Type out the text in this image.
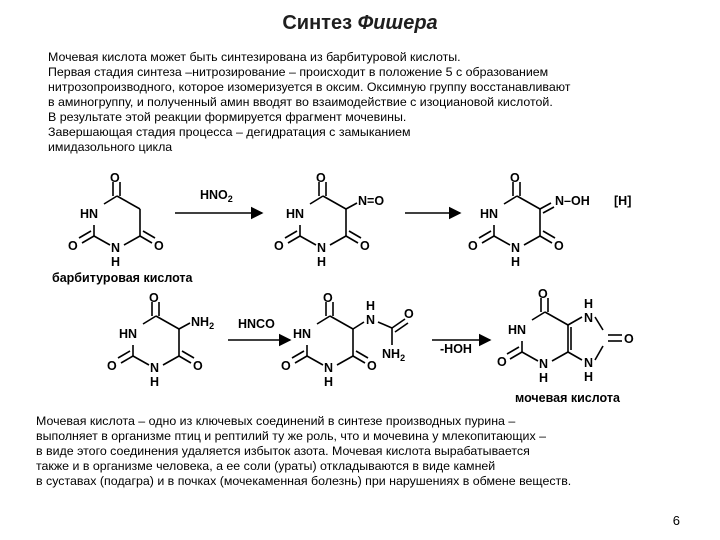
Синтез Фишера
Мочевая кислота может быть синтезирована из барбитуровой кислоты.
Первая стадия синтеза –нитрозирование – происходит в положение 5 с образованием
нитрозопроизводного, которое изомеризуется в оксим. Оксимную группу восстанавливают
в аминогруппу, и полученный амин вводят во взаимодействие с изоциановой кислотой.
В результате этой реакции формируется фрагмент мочевины.
Завершающая стадия процесса – дегидратация с замыканием
имидазольного цикла
O
HN
N
H
O	O
барбитуровая кислота
$HNO_2$
O
HN
N
H
O	O
N=O
O
HN
N
H
O	O
N–OH [H]
O
HN
N
H
O	O
$NH_2$ HNCO
O
HN
N
H
O	O
H
N O
$NH_2$
-HOH
O
HN
N
H
O
H
N
N
H
O
мочевая кислота
Мочевая кислота – одно из ключевых соединений в синтезе производных пурина –
выполняет в организме птиц и рептилий ту же роль, что и мочевина у млекопитающих –
в виде этого соединения удаляется избыток азота. Мочевая кислота вырабатывается
также и в организме человека, а ее соли (ураты) откладываются в виде камней
в суставах (подагра) и в почках (мочекаменная болезнь) при нарушениях в обмене веществ.
6
